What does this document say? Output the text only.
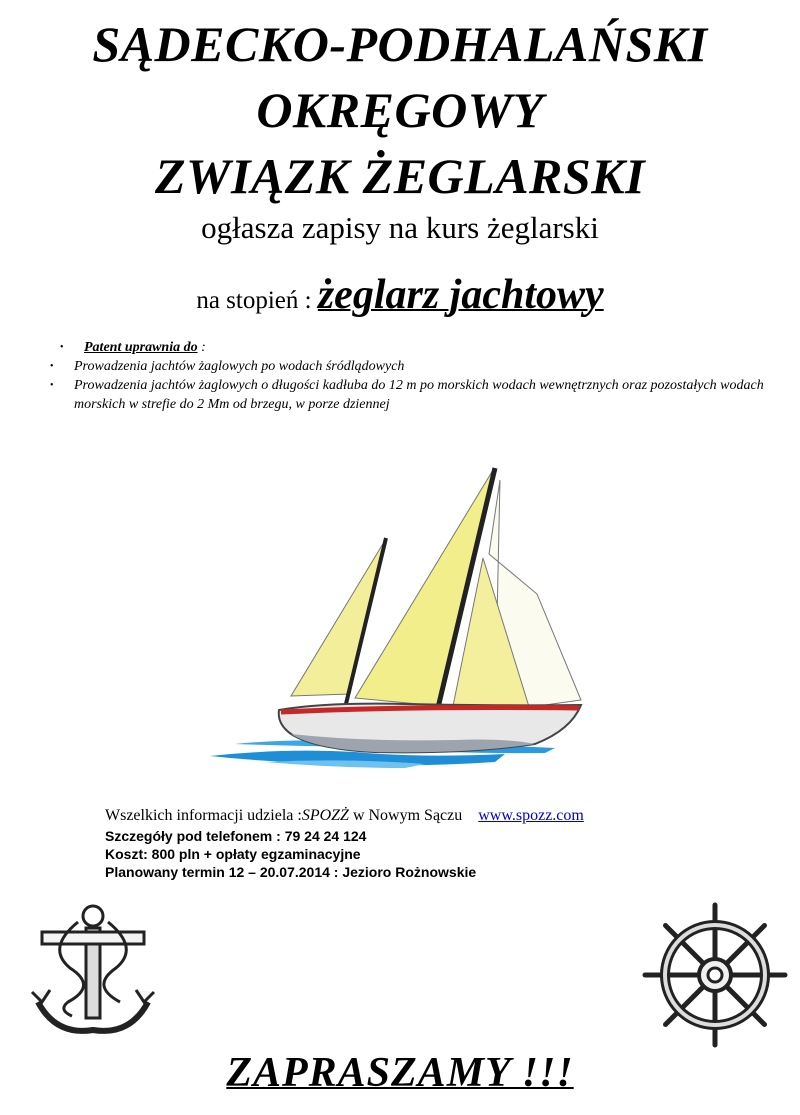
SĄDECKO-PODHALAŃSKI
OKRĘGOWY
ZWIĄZK ŻEGLARSKI
ogłasza zapisy na kurs żeglarski
na stopień : żeglarz jachtowy
• Patent uprawnia do :
• Prowadzenia jachtów żaglowych po wodach śródlądowych
• Prowadzenia jachtów żaglowych o długości kadłuba do 12 m po morskich wodach wewnętrznych oraz pozostałych wodach morskich w strefie do 2 Mm od brzegu, w porze dziennej
Wszelkich informacji udziela :SPOZŻ w Nowym Sączu www.spozz.com
Szczegóły pod telefonem : 79 24 24 124
Koszt: 800 pln + opłaty egzaminacyjne
Planowany termin 12 – 20.07.2014 : Jezioro Rożnowskie
ZAPRASZAMY !!!
